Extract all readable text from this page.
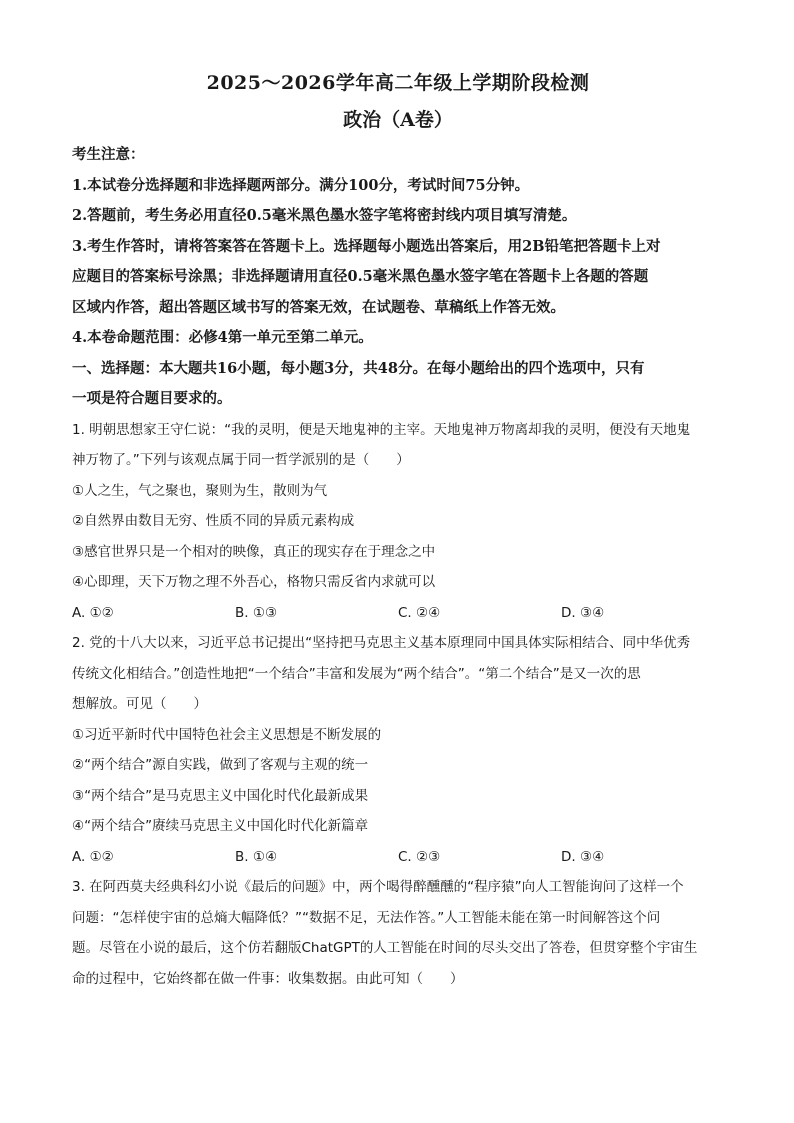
2025～2026学年高二年级上学期阶段检测
政治（A卷）
考生注意：
1.本试卷分选择题和非选择题两部分。满分100分，考试时间75分钟。
2.答题前，考生务必用直径0.5毫米黑色墨水签字笔将密封线内项目填写清楚。
3.考生作答时，请将答案答在答题卡上。选择题每小题选出答案后，用2B铅笔把答题卡上对
应题目的答案标号涂黑；非选择题请用直径0.5毫米黑色墨水签字笔在答题卡上各题的答题
区域内作答，超出答题区域书写的答案无效，在试题卷、草稿纸上作答无效。
4.本卷命题范围：必修4第一单元至第二单元。
一、选择题：本大题共16小题，每小题3分，共48分。在每小题给出的四个选项中，只有
一项是符合题目要求的。
1. 明朝思想家王守仁说：“我的灵明，便是天地鬼神的主宰。天地鬼神万物离却我的灵明，便没有天地鬼
神万物了。”下列与该观点属于同一哲学派别的是（　　）
①人之生，气之聚也，聚则为生，散则为气
②自然界由数目无穷、性质不同的异质元素构成
③感官世界只是一个相对的映像，真正的现实存在于理念之中
④心即理，天下万物之理不外吾心，格物只需反省内求就可以
A. ①②	B. ①③	C. ②④	D. ③④
2. 党的十八大以来，习近平总书记提出“坚持把马克思主义基本原理同中国具体实际相结合、同中华优秀
传统文化相结合。”创造性地把“一个结合”丰富和发展为“两个结合”。“第二个结合”是又一次的思
想解放。可见（　　）
①习近平新时代中国特色社会主义思想是不断发展的
②“两个结合”源自实践，做到了客观与主观的统一
③“两个结合”是马克思主义中国化时代化最新成果
④“两个结合”赓续马克思主义中国化时代化新篇章
A. ①②	B. ①④	C. ②③	D. ③④
3. 在阿西莫夫经典科幻小说《最后的问题》中，两个喝得醉醺醺的“程序猿”向人工智能询问了这样一个
问题：“怎样使宇宙的总熵大幅降低？”“数据不足，无法作答。”人工智能未能在第一时间解答这个问
题。尽管在小说的最后，这个仿若翻版ChatGPT的人工智能在时间的尽头交出了答卷，但贯穿整个宇宙生
命的过程中，它始终都在做一件事：收集数据。由此可知（　　）
